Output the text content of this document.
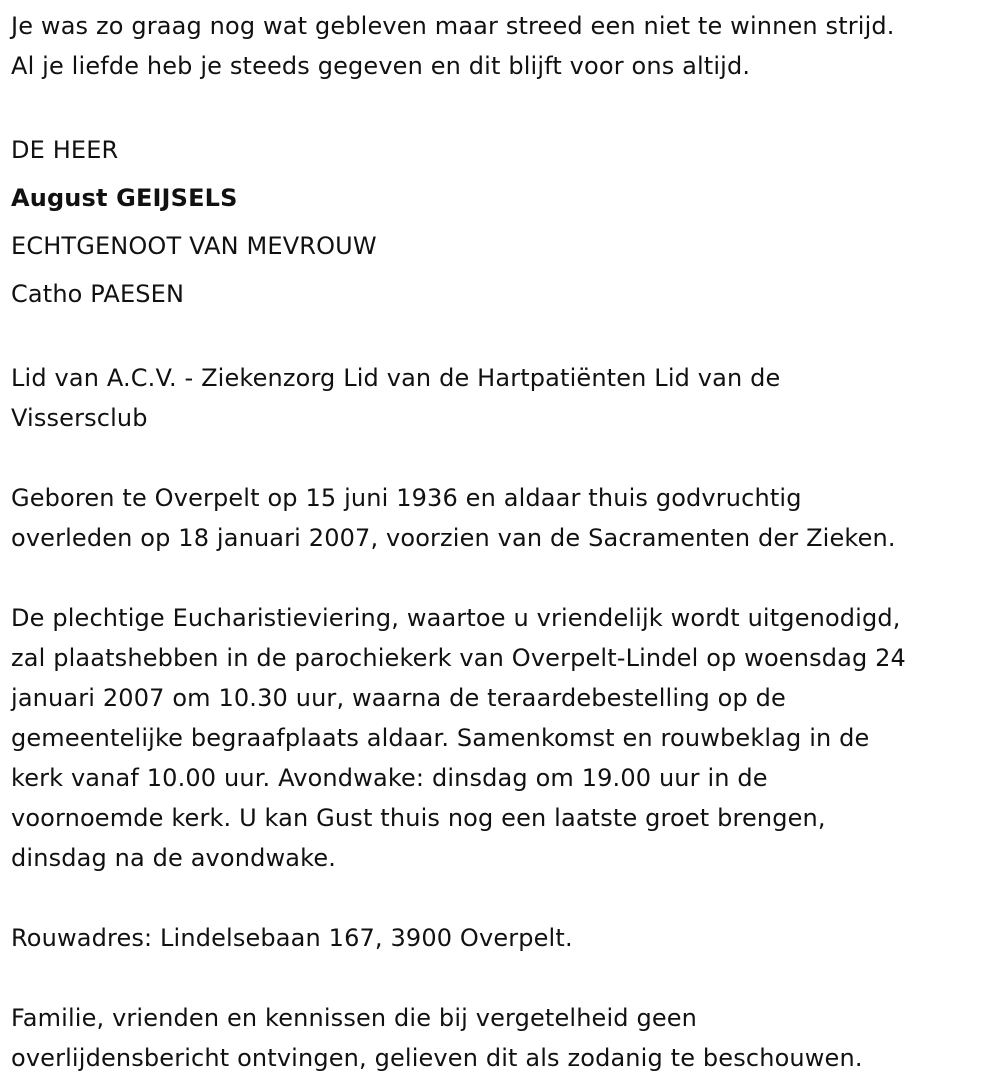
Je was zo graag nog wat gebleven maar streed een niet te winnen strijd.

Al je liefde heb je steeds gegeven en dit blijft voor ons altijd.

DE HEER

August GEIJSELS

ECHTGENOOT VAN MEVROUW

Catho PAESEN

Lid van A.C.V. - Ziekenzorg Lid van de Hartpatiënten Lid van de

Vissersclub

Geboren te Overpelt op 15 juni 1936 en aldaar thuis godvruchtig

overleden op 18 januari 2007, voorzien van de Sacramenten der Zieken.

De plechtige Eucharistieviering, waartoe u vriendelijk wordt uitgenodigd,

zal plaatshebben in de parochiekerk van Overpelt-Lindel op woensdag 24

januari 2007 om 10.30 uur, waarna de teraardebestelling op de

gemeentelijke begraafplaats aldaar. Samenkomst en rouwbeklag in de

kerk vanaf 10.00 uur. Avondwake: dinsdag om 19.00 uur in de

voornoemde kerk. U kan Gust thuis nog een laatste groet brengen,

dinsdag na de avondwake.

Rouwadres: Lindelsebaan 167, 3900 Overpelt.

Familie, vrienden en kennissen die bij vergetelheid geen

overlijdensbericht ontvingen, gelieven dit als zodanig te beschouwen.
